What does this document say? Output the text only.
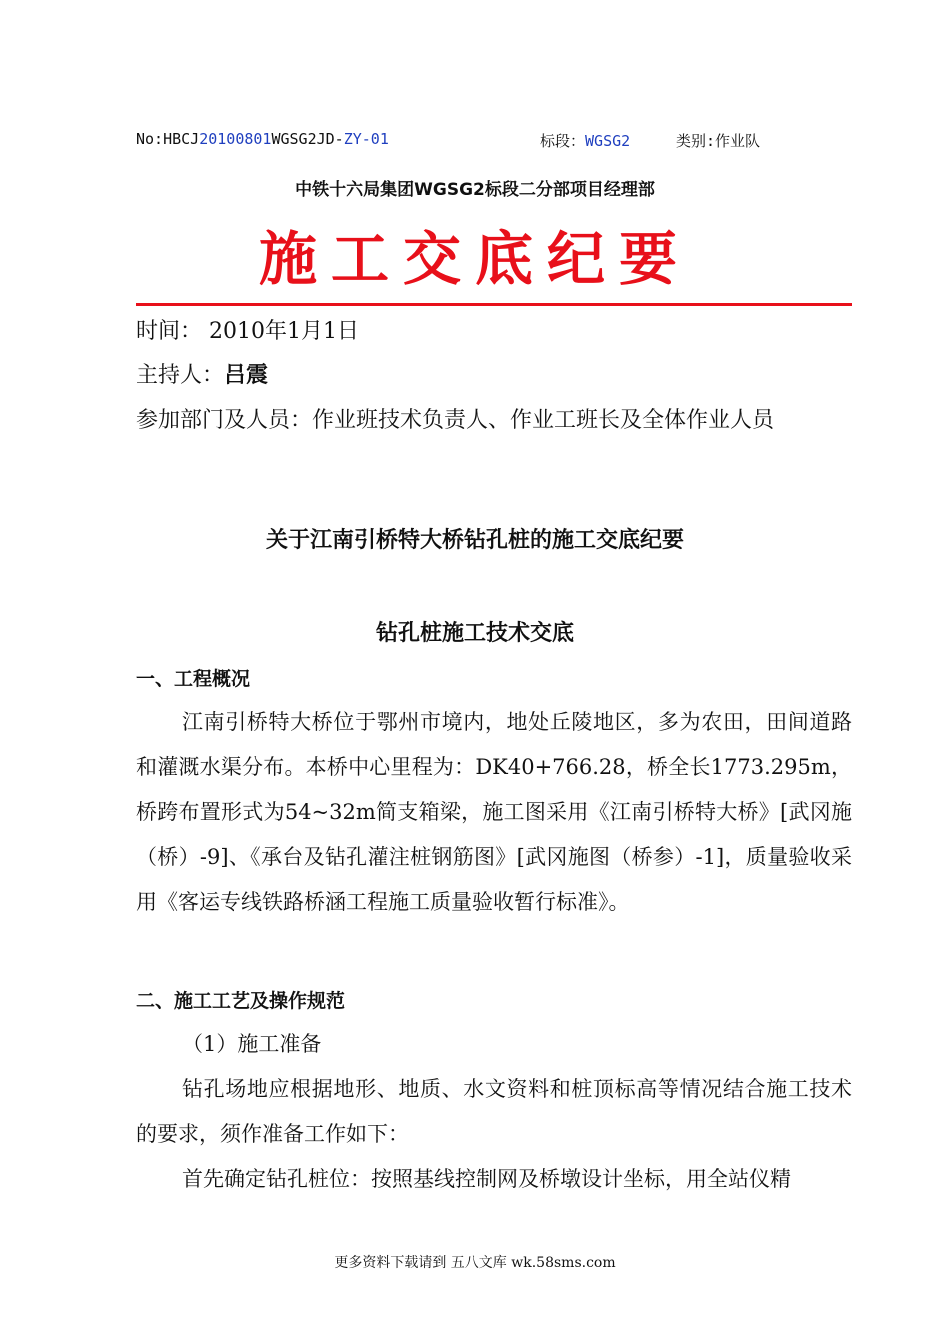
No:HBCJ20100801WGSG2JD-ZY-01	标段：WGSG2	类别:作业队
中铁十六局集团WGSG2标段二分部项目经理部
施工交底纪要
时间： 2010年1月1日
主持人：吕震
参加部门及人员：作业班技术负责人、作业工班长及全体作业人员
关于江南引桥特大桥钻孔桩的施工交底纪要
钻孔桩施工技术交底
一、工程概况
江南引桥特大桥位于鄂州市境内，地处丘陵地区，多为农田，田间道路和灌溉水渠分布。本桥中心里程为：DK40+766.28，桥全长1773.295m，桥跨布置形式为54~32m简支箱梁，施工图采用《江南引桥特大桥》[武冈施（桥）-9]、《承台及钻孔灌注桩钢筋图》[武冈施图（桥参）-1]，质量验收采用《客运专线铁路桥涵工程施工质量验收暂行标准》。
二、施工工艺及操作规范
（1）施工准备
钻孔场地应根据地形、地质、水文资料和桩顶标高等情况结合施工技术的要求，须作准备工作如下：
首先确定钻孔桩位：按照基线控制网及桥墩设计坐标，用全站仪精
更多资料下载请到 五八文库 wk.58sms.com
